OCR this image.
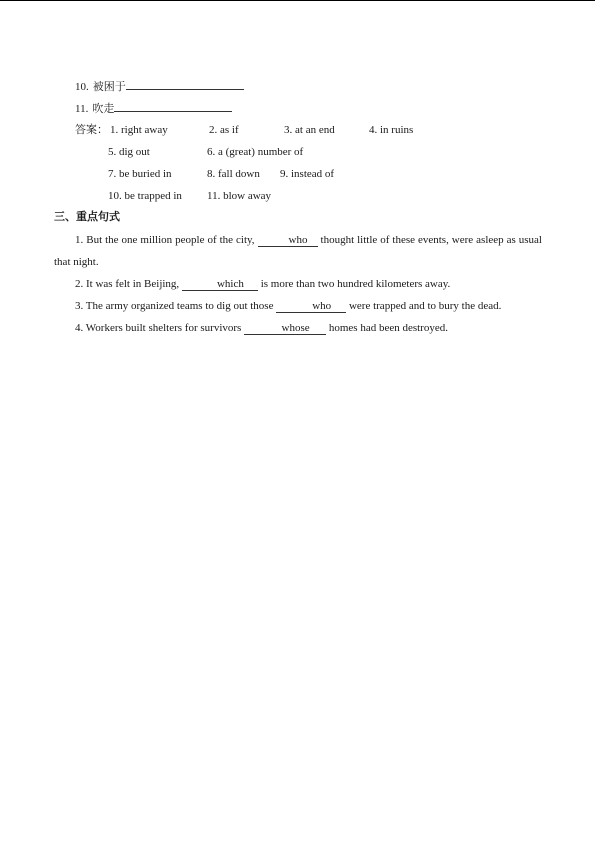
10. 被困于
11. 吹走
答案： 1. right away	2. as if	3. at an end	4. in ruins
5. dig out	6. a (great) number of
7. be buried in	8. fall down 9. instead of
10. be trapped in 11. blow away
三、重点句式
1. But the one million people of the city,	who thought little of these events, were asleep as usual that night.
2. It was felt in Beijing,	which is more than two hundred kilometers away.
3. The army organized teams to dig out those	who were trapped and to bury the dead.
4. Workers built shelters for survivors	whose homes had been destroyed.
